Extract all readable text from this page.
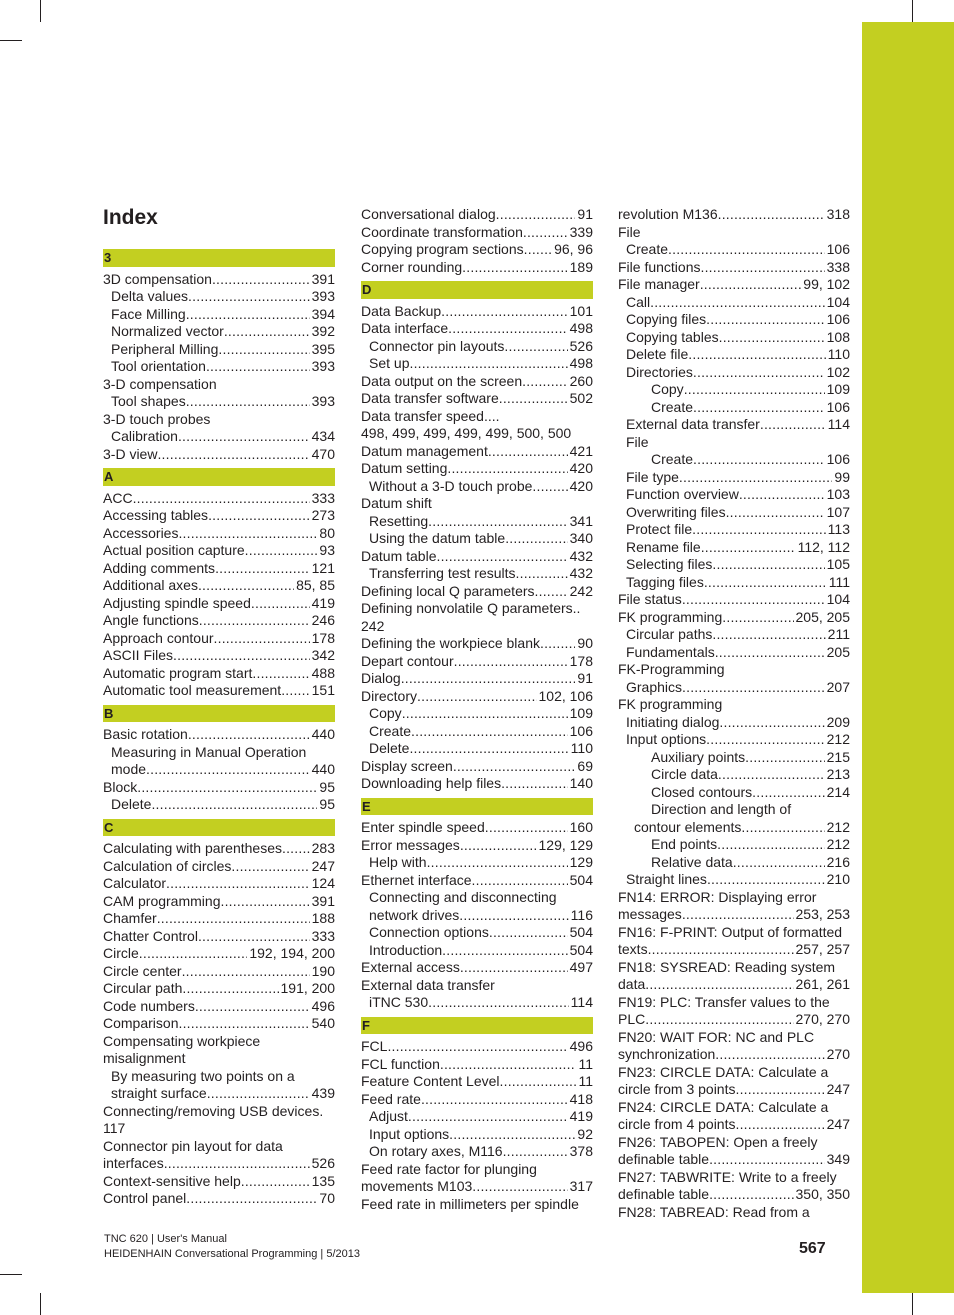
Index
3
3D compensation .....	391
Delta values .....	393
Face Milling .....	394
Normalized vector .....	392
Peripheral Milling .....	395
Tool orientation .....	393
3-D compensation
Tool shapes .....	393
3-D touch probes
Calibration .....	434
3-D view .....	470
A
ACC .....	333
Accessing tables .....	273
Accessories .....	80
Actual position capture .....	93
Adding comments .....	121
Additional axes .....	85, 85
Adjusting spindle speed .....	419
Angle functions .....	246
Approach contour .....	178
ASCII Files .....	342
Automatic program start .....	488
Automatic tool measurement ..... 151
B
Basic rotation .....	440
Measuring in Manual Operation
mode .....	440
Block .....	95
Delete .....	95
C
Calculating with parentheses ..... 283
Calculation of circles .....	247
Calculator .....	124
CAM programming .....	391
Chamfer .....	188
Chatter Control .....	333
Circle .....	192, 194, 200
Circle center .....	190
Circular path .....	191, 200
Code numbers .....	496
Comparison .....	540
Compensating workpiece
misalignment
By measuring two points on a
straight surface .....	439
Connecting/removing USB devices.
117
Connector pin layout for data
interfaces .....	526
Context-sensitive help .....	135
Control panel .....	70
Conversational dialog .....	91
Coordinate transformation .....	339
Copying program sections ..... 96, 96
Corner rounding .....	189
D
Data Backup .....	101
Data interface .....	498
Connector pin layouts .....	526
Set up .....	498
Data output on the screen .....	260
Data transfer software .....	502
Data transfer speed....
498, 499, 499, 499, 499, 500, 500
Datum management .....	421
Datum setting .....	420
Without a 3-D touch probe .....	420
Datum shift
Resetting .....	341
Using the datum table .....	340
Datum table .....	432
Transferring test results .....	432
Defining local Q parameters .....	242
Defining nonvolatile Q parameters..
242
Defining the workpiece blank .....	90
Depart contour .....	178
Dialog .....	91
Directory .....	102, 106
Copy .....	109
Create .....	106
Delete .....	110
Display screen .....	69
Downloading help files .....	140
E
Enter spindle speed .....	160
Error messages .....	129, 129
Help with .....	129
Ethernet interface .....	504
Connecting and disconnecting
network drives .....	116
Connection options .....	504
Introduction .....	504
External access .....	497
External data transfer
iTNC 530 .....	114
F
FCL .....	496
FCL function .....	11
Feature Content Level .....	11
Feed rate .....	418
Adjust .....	419
Input options .....	92
On rotary axes, M116 .....	378
Feed rate factor for plunging
movements M103 .....	317
Feed rate in millimeters per spindle
revolution M136 .....	318
File
Create .....	106
File functions .....	338
File manager .....	99, 102
Call .....	104
Copying files .....	106
Copying tables .....	108
Delete file .....	110
Directories .....	102
Copy .....	109
Create .....	106
External data transfer .....	114
File
Create .....	106
File type .....	99
Function overview .....	103
Overwriting files .....	107
Protect file .....	113
Rename file .....	112, 112
Selecting files .....	105
Tagging files .....	111
File status .....	104
FK programming .....	205, 205
Circular paths .....	211
Fundamentals .....	205
FK-Programming
Graphics .....	207
FK programming
Initiating dialog .....	209
Input options .....	212
Auxiliary points .....	215
Circle data .....	213
Closed contours .....	214
Direction and length of
contour elements .....	212
End points .....	212
Relative data .....	216
Straight lines .....	210
FN14: ERROR: Displaying error
messages .....	253, 253
FN16: F-PRINT: Output of formatted
texts .....	257, 257
FN18: SYSREAD: Reading system
data .....	261, 261
FN19: PLC: Transfer values to the
PLC .....	270, 270
FN20: WAIT FOR: NC and PLC
synchronization .....	270
FN23: CIRCLE DATA: Calculate a
circle from 3 points .....	247
FN24: CIRCLE DATA: Calculate a
circle from 4 points .....	247
FN26: TABOPEN: Open a freely
definable table .....	349
FN27: TABWRITE: Write to a freely
definable table .....	350, 350
FN28: TABREAD: Read from a
TNC 620 | User's Manual
HEIDENHAIN Conversational Programming | 5/2013	567
